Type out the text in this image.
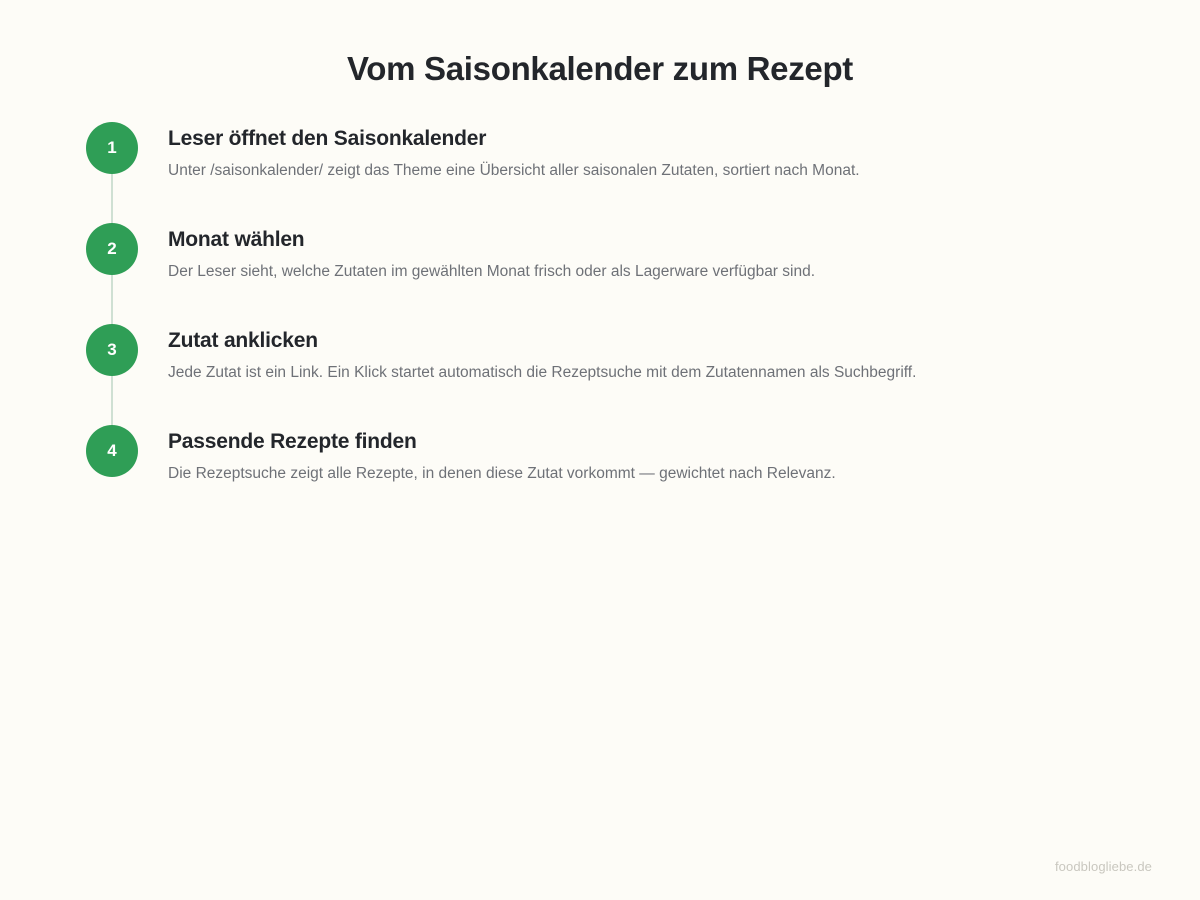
Vom Saisonkalender zum Rezept
1	Leser öffnet den Saisonkalender

Unter /saisonkalender/ zeigt das Theme eine Übersicht aller saisonalen Zutaten, sortiert nach Monat.

2	Monat wählen

Der Leser sieht, welche Zutaten im gewählten Monat frisch oder als Lagerware verfügbar sind.

3	Zutat anklicken

Jede Zutat ist ein Link. Ein Klick startet automatisch die Rezeptsuche mit dem Zutatennamen als Suchbegriff.

4	Passende Rezepte finden

Die Rezeptsuche zeigt alle Rezepte, in denen diese Zutat vorkommt — gewichtet nach Relevanz.

foodblogliebe.de
